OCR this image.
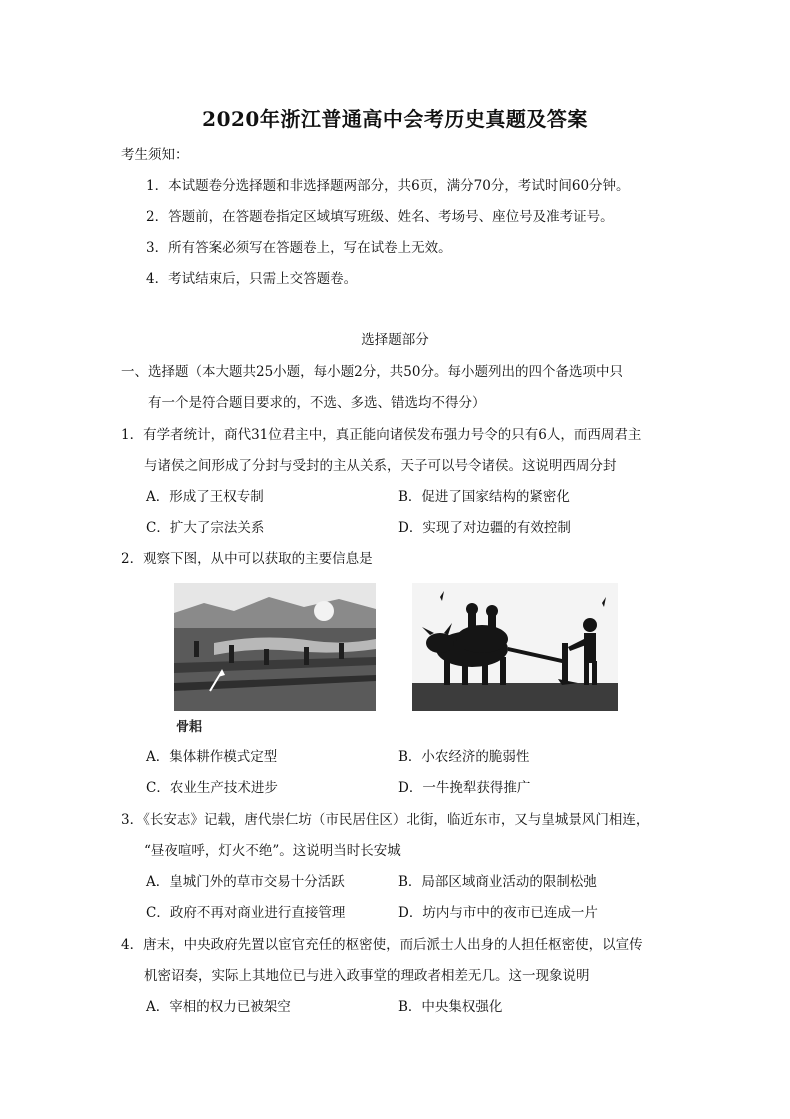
2020年浙江普通高中会考历史真题及答案
考生须知：
1．本试题卷分选择题和非选择题两部分，共6页，满分70分，考试时间60分钟。
2．答题前，在答题卷指定区域填写班级、姓名、考场号、座位号及准考证号。
3．所有答案必须写在答题卷上，写在试卷上无效。
4．考试结束后，只需上交答题卷。
选择题部分
一、选择题（本大题共25小题，每小题2分，共50分。每小题列出的四个备选项中只
有一个是符合题目要求的，不选、多选、错选均不得分）
1．有学者统计，商代31位君主中，真正能向诸侯发布强力号令的只有6人，而西周君主
与诸侯之间形成了分封与受封的主从关系，天子可以号令诸侯。这说明西周分封
A．形成了王权专制	B．促进了国家结构的紧密化
C．扩大了宗法关系	D．实现了对边疆的有效控制
2．观察下图，从中可以获取的主要信息是
骨耜
A．集体耕作模式定型	B．小农经济的脆弱性
C．农业生产技术进步	D．一牛挽犁获得推广
3．《长安志》记载，唐代崇仁坊（市民居住区）北街，临近东市，又与皇城景风门相连，
“昼夜喧呼，灯火不绝”。这说明当时长安城
A．皇城门外的草市交易十分活跃	B．局部区域商业活动的限制松弛
C．政府不再对商业进行直接管理	D．坊内与市中的夜市已连成一片
4．唐末，中央政府先置以宦官充任的枢密使，而后派士人出身的人担任枢密使，以宣传
机密诏奏，实际上其地位已与进入政事堂的理政者相差无几。这一现象说明
A．宰相的权力已被架空	B．中央集权强化
